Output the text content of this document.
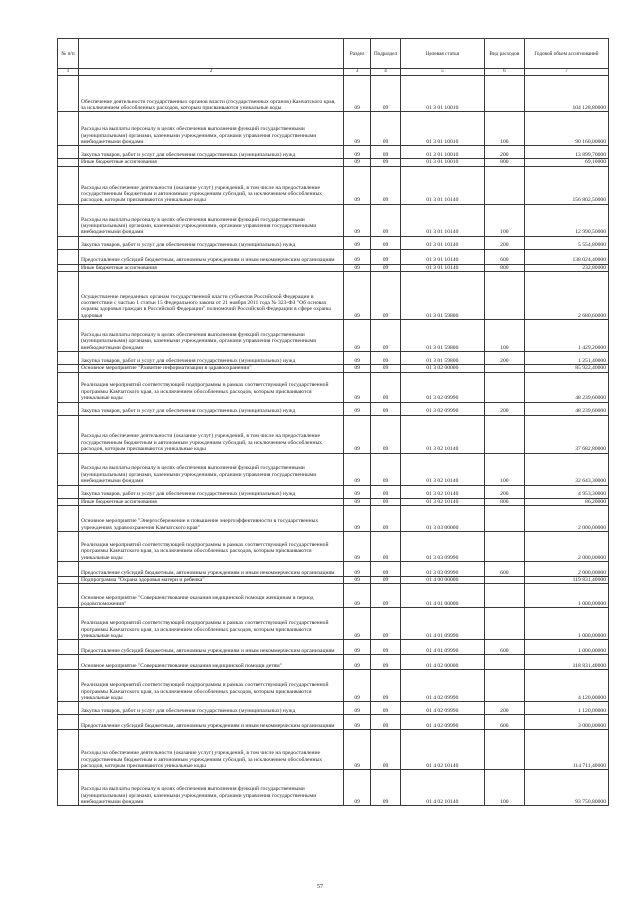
№ п/п		Раздел	Подраздел	Целевая статья	Вид расходов	Годовой объем ассигнований
1	2	3	4	5	6	7
	Обеспечение деятельности государственных органов власти (государственных органов) Камчатского края, за исключением обособленных расходов, которым присваиваются уникальные коды	09	09	01 3 01 10010		104 128,80000
	Расходы на выплаты персоналу в целях обеспечения выполнения функций государственными (муниципальными) органами, казенными учреждениями, органами управления государственными внебюджетными фондами	09	09	01 3 01 10010	100	90 160,00000
	Закупка товаров, работ и услуг для обеспечения государственных (муниципальных) нужд	09	09	01 3 01 10010	200	13 899,70000
	Иные бюджетные ассигнования	09	09	01 3 01 10010	800	69,10000
	Расходы на обеспечение деятельности (оказание услуг) учреждений, в том числе на предоставление государственным бюджетным и автономным учреждениям субсидий, за исключением обособленных расходов, которым присваиваются уникальные коды	09	09	01 3 01 10140		156 802,50000
	Расходы на выплаты персоналу в целях обеспечения выполнения функций государственными (муниципальными) органами, казенными учреждениями, органами управления государственными внебюджетными фондами	09	09	01 3 01 10140	100	12 990,50000
	Закупка товаров, работ и услуг для обеспечения государственных (муниципальных) нужд	09	09	01 3 01 10140	200	5 554,80000
	Предоставление субсидий бюджетным, автономным учреждениям и иным некоммерческим организациям	09	09	01 3 01 10140	600	138 024,40000
	Иные бюджетные ассигнования	09	09	01 3 01 10140	800	232,80000
	Осуществление переданных органам государственной власти субъектов Российской Федерации в соответствии с частью 1 статьи 15 Федерального закона от 21 ноября 2011 года № 323-ФЗ "Об основах охраны здоровья граждан в Российской Федерации" полномочий Российской Федерации в сфере охраны здоровья	09	09	01 3 01 59800		2 680,60000
	Расходы на выплаты персоналу в целях обеспечения выполнения функций государственными (муниципальными) органами, казенными учреждениями, органами управления государственными внебюджетными фондами	09	09	01 3 01 59800	100	1 429,20000
	Закупка товаров, работ и услуг для обеспечения государственных (муниципальных) нужд	09	09	01 3 01 59800	200	1 251,40000
	Основное мероприятие "Развитие информатизации в здравоохранении"	09	09	01 3 02 00000		85 922,40000
	Реализация мероприятий соответствующей подпрограммы в рамках соответствующей государственной программы Камчатского края, за исключением обособленных расходов, которым присваиваются уникальные коды	09	09	01 3 02 09990		48 239,60000
	Закупка товаров, работ и услуг для обеспечения государственных (муниципальных) нужд	09	09	01 3 02 09990	200	48 239,60000
	Расходы на обеспечение деятельности (оказание услуг) учреждений, в том числе на предоставление государственным бюджетным и автономным учреждениям субсидий, за исключением обособленных расходов, которым присваиваются уникальные коды	09	09	01 3 02 10140		37 682,80000
	Расходы на выплаты персоналу в целях обеспечения выполнения функций государственными (муниципальными) органами, казенными учреждениями, органами управления государственными внебюджетными фондами	09	09	01 3 02 10140	100	32 643,30000
	Закупка товаров, работ и услуг для обеспечения государственных (муниципальных) нужд	09	09	01 3 02 10140	200	4 953,30000
	Иные бюджетные ассигнования	09	09	01 3 02 10140	800	86,20000
	Основное мероприятие "Энергосбережение и повышение энергоэффективности в государственных учреждениях здравоохранения Камчатского края"	09	09	01 3 03 00000		2 000,00000
	Реализация мероприятий соответствующей подпрограммы в рамках соответствующей государственной программы Камчатского края, за исключением обособленных расходов, которым присваиваются уникальные коды	09	09	01 3 03 09990		2 000,00000
	Предоставление субсидий бюджетным, автономным учреждениям и иным некоммерческим организациям	09	09	01 3 03 09990	600	2 000,00000
	Подпрограмма "Охрана здоровья матери и ребенка"	09	09	01 4 00 00000		119 831,40000
	Основное мероприятие "Совершенствование оказания медицинской помощи женщинам в период родовспоможения"	09	09	01 4 01 00000		1 000,00000
	Реализация мероприятий соответствующей подпрограммы в рамках соответствующей государственной программы Камчатского края, за исключением обособленных расходов, которым присваиваются уникальные коды	09	09	01 4 01 09990		1 000,00000
	Предоставление субсидий бюджетным, автономным учреждениям и иным некоммерческим организациям	09	09	01 4 01 09990	600	1 000,00000
	Основное мероприятие "Совершенствование оказания медицинской помощи детям"	09	09	01 4 02 00000		118 831,40000
	Реализация мероприятий соответствующей подпрограммы в рамках соответствующей государственной программы Камчатского края, за исключением обособленных расходов, которым присваиваются уникальные коды	09	09	01 4 02 09990		4 120,00000
	Закупка товаров, работ и услуг для обеспечения государственных (муниципальных) нужд	09	09	01 4 02 09990	200	1 120,00000
	Предоставление субсидий бюджетным, автономным учреждениям и иным некоммерческим организациям	09	09	01 4 02 09990	600	3 000,00000
	Расходы на обеспечение деятельности (оказание услуг) учреждений, в том числе на предоставление государственным бюджетным и автономным учреждениям субсидий, за исключением обособленных расходов, которым присваиваются уникальные коды	09	09	01 4 02 10140		114 711,40000
	Расходы на выплаты персоналу в целях обеспечения выполнения функций государственными (муниципальными) органами, казенными учреждениями, органами управления государственными внебюджетными фондами	09	09	01 4 02 10140	100	93 750,80000
57
